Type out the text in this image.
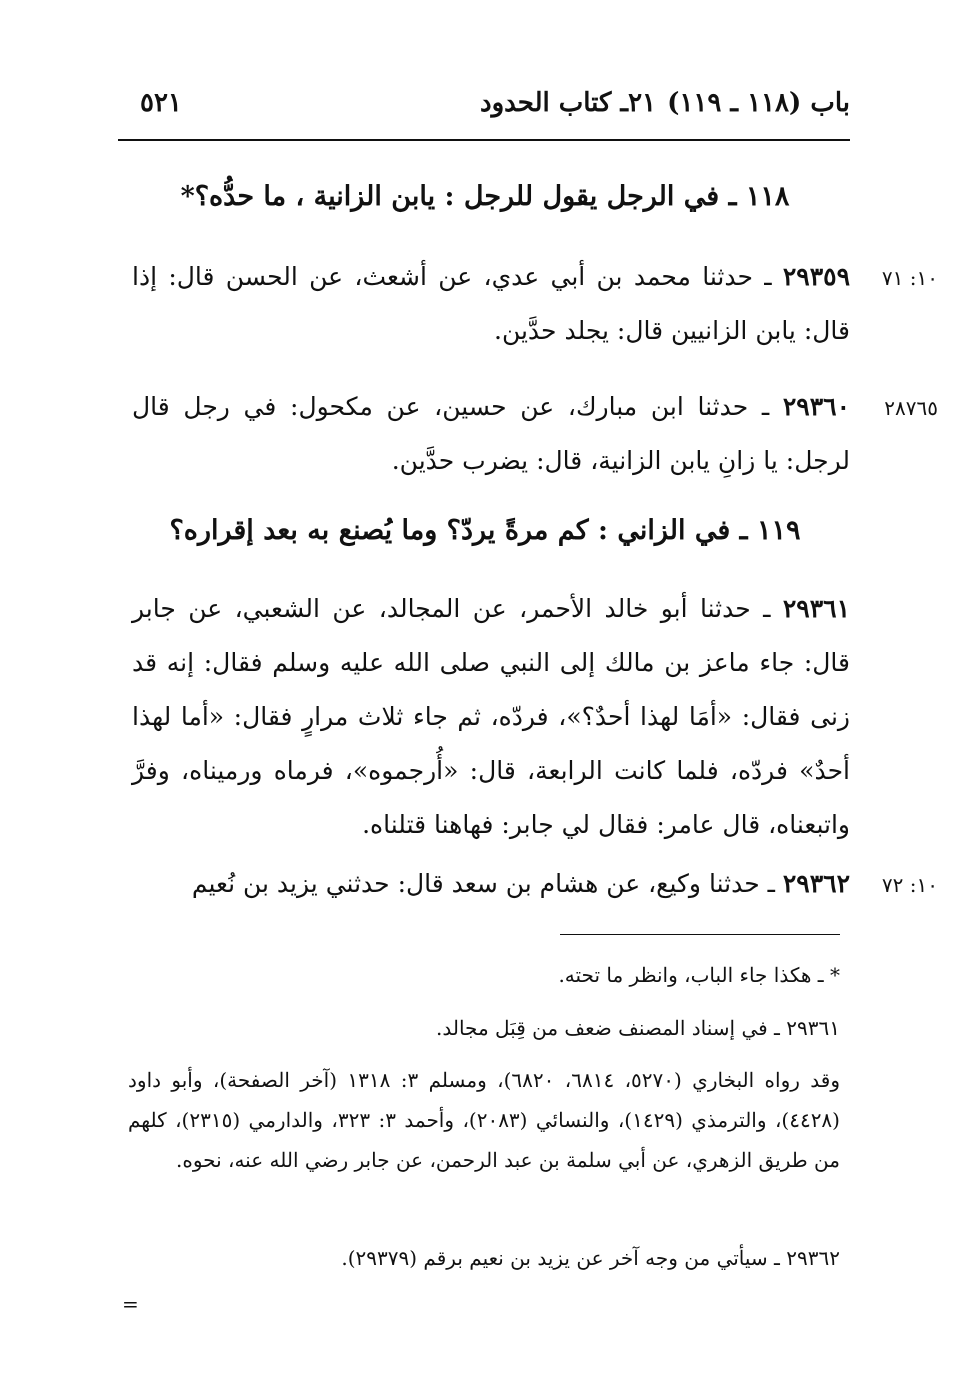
٥٢١	٢١ـ كتاب الحدود باب (١١٨ ـ ١١٩)
١١٨ ـ في الرجل يقول للرجل : يابن الزانية ، ما حدُّه؟*
١٠: ٧١
٢٩٣٥٩ ـ حدثنا محمد بن أبي عدي، عن أشعث، عن الحسن قال: إذا قال: يابن الزانيين قال: يجلد حدَّين.
٢٨٧٦٥
٢٩٣٦٠ ـ حدثنا ابن مبارك، عن حسين، عن مكحول: في رجل قال لرجل: يا زانِ يابن الزانية، قال: يضرب حدَّين.
١١٩ ـ في الزاني : كم مرةً يردّ؟ وما يُصنع به بعد إقراره؟
٢٩٣٦١ ـ حدثنا أبو خالد الأحمر، عن المجالد، عن الشعبي، عن جابر قال: جاء ماعز بن مالك إلى النبي صلى الله عليه وسلم فقال: إنه قد زنى فقال: «أمَا لهذا أحدٌ؟»، فردّه، ثم جاء ثلاث مرارٍ فقال: «أما لهذا أحدٌ» فردّه، فلما كانت الرابعة، قال: «أُرجموه»، فرماه ورميناه، وفرَّ واتبعناه، قال عامر: فقال لي جابر: فهاهنا قتلناه.
١٠: ٧٢
٢٩٣٦٢ ـ حدثنا وكيع، عن هشام بن سعد قال: حدثني يزيد بن نُعيم
* ـ هكذا جاء الباب، وانظر ما تحته.
٢٩٣٦١ ـ في إسناد المصنف ضعف من قِبَل مجالد.
وقد رواه البخاري (٥٢٧٠، ٦٨١٤، ٦٨٢٠)، ومسلم ٣: ١٣١٨ (آخر الصفحة)، وأبو داود (٤٤٢٨)، والترمذي (١٤٢٩)، والنسائي (٢٠٨٣)، وأحمد ٣: ٣٢٣، والدارمي (٢٣١٥)، كلهم من طريق الزهري، عن أبي سلمة بن عبد الرحمن، عن جابر رضي الله عنه، نحوه.
٢٩٣٦٢ ـ سيأتي من وجه آخر عن يزيد بن نعيم برقم (٢٩٣٧٩).
=
